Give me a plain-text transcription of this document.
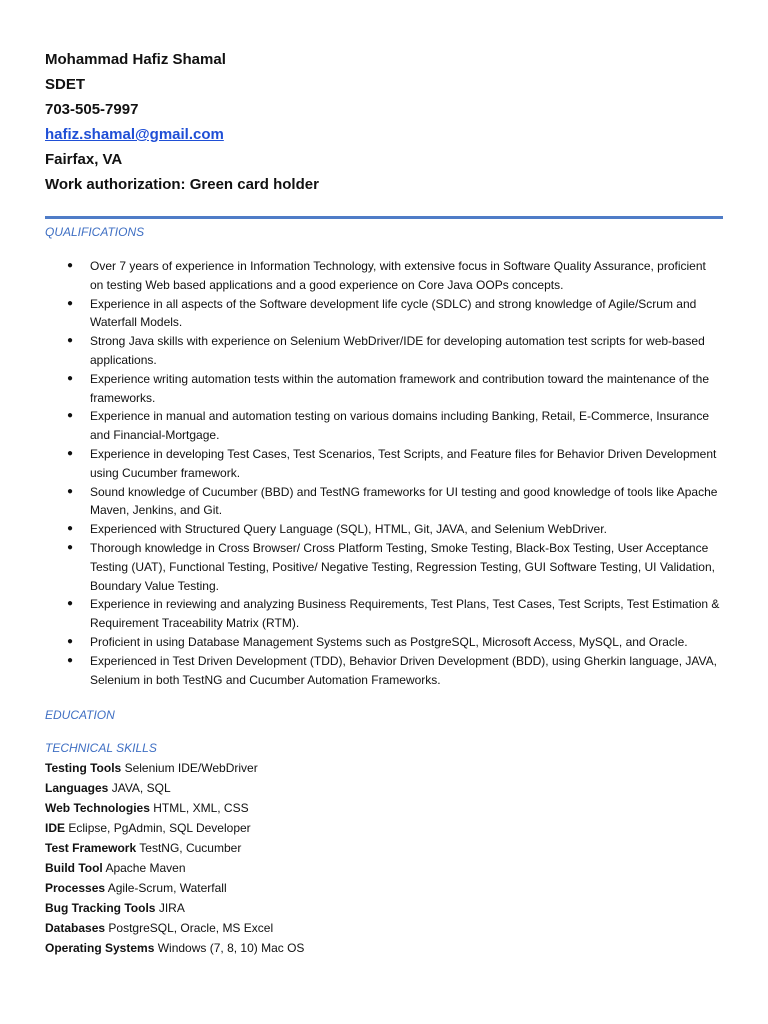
Mohammad Hafiz Shamal
SDET
703-505-7997
hafiz.shamal@gmail.com
Fairfax, VA
Work authorization: Green card holder
QUALIFICATIONS
● Over 7 years of experience in Information Technology, with extensive focus in Software Quality Assurance, proficient on testing Web based applications and a good experience on Core Java OOPs concepts.
● Experience in all aspects of the Software development life cycle (SDLC) and strong knowledge of Agile/Scrum and Waterfall Models.
● Strong Java skills with experience on Selenium WebDriver/IDE for developing automation test scripts for web-based applications.
● Experience writing automation tests within the automation framework and contribution toward the maintenance of the frameworks.
● Experience in manual and automation testing on various domains including Banking, Retail, E-Commerce, Insurance and Financial-Mortgage.
● Experience in developing Test Cases, Test Scenarios, Test Scripts, and Feature files for Behavior Driven Development using Cucumber framework.
● Sound knowledge of Cucumber (BBD) and TestNG frameworks for UI testing and good knowledge of tools like Apache Maven, Jenkins, and Git.
● Experienced with Structured Query Language (SQL), HTML, Git, JAVA, and Selenium WebDriver.
● Thorough knowledge in Cross Browser/ Cross Platform Testing, Smoke Testing, Black-Box Testing, User Acceptance Testing (UAT), Functional Testing, Positive/ Negative Testing, Regression Testing, GUI Software Testing, UI Validation, Boundary Value Testing.
● Experience in reviewing and analyzing Business Requirements, Test Plans, Test Cases, Test Scripts, Test Estimation & Requirement Traceability Matrix (RTM).
● Proficient in using Database Management Systems such as PostgreSQL, Microsoft Access, MySQL, and Oracle.
● Experienced in Test Driven Development (TDD), Behavior Driven Development (BDD), using Gherkin language, JAVA, Selenium in both TestNG and Cucumber Automation Frameworks.
EDUCATION
TECHNICAL SKILLS
Testing Tools Selenium IDE/WebDriver
Languages JAVA, SQL
Web Technologies HTML, XML, CSS
IDE Eclipse, PgAdmin, SQL Developer
Test Framework TestNG, Cucumber
Build Tool Apache Maven
Processes Agile-Scrum, Waterfall
Bug Tracking Tools JIRA
Databases PostgreSQL, Oracle, MS Excel
Operating Systems Windows (7, 8, 10) Mac OS
